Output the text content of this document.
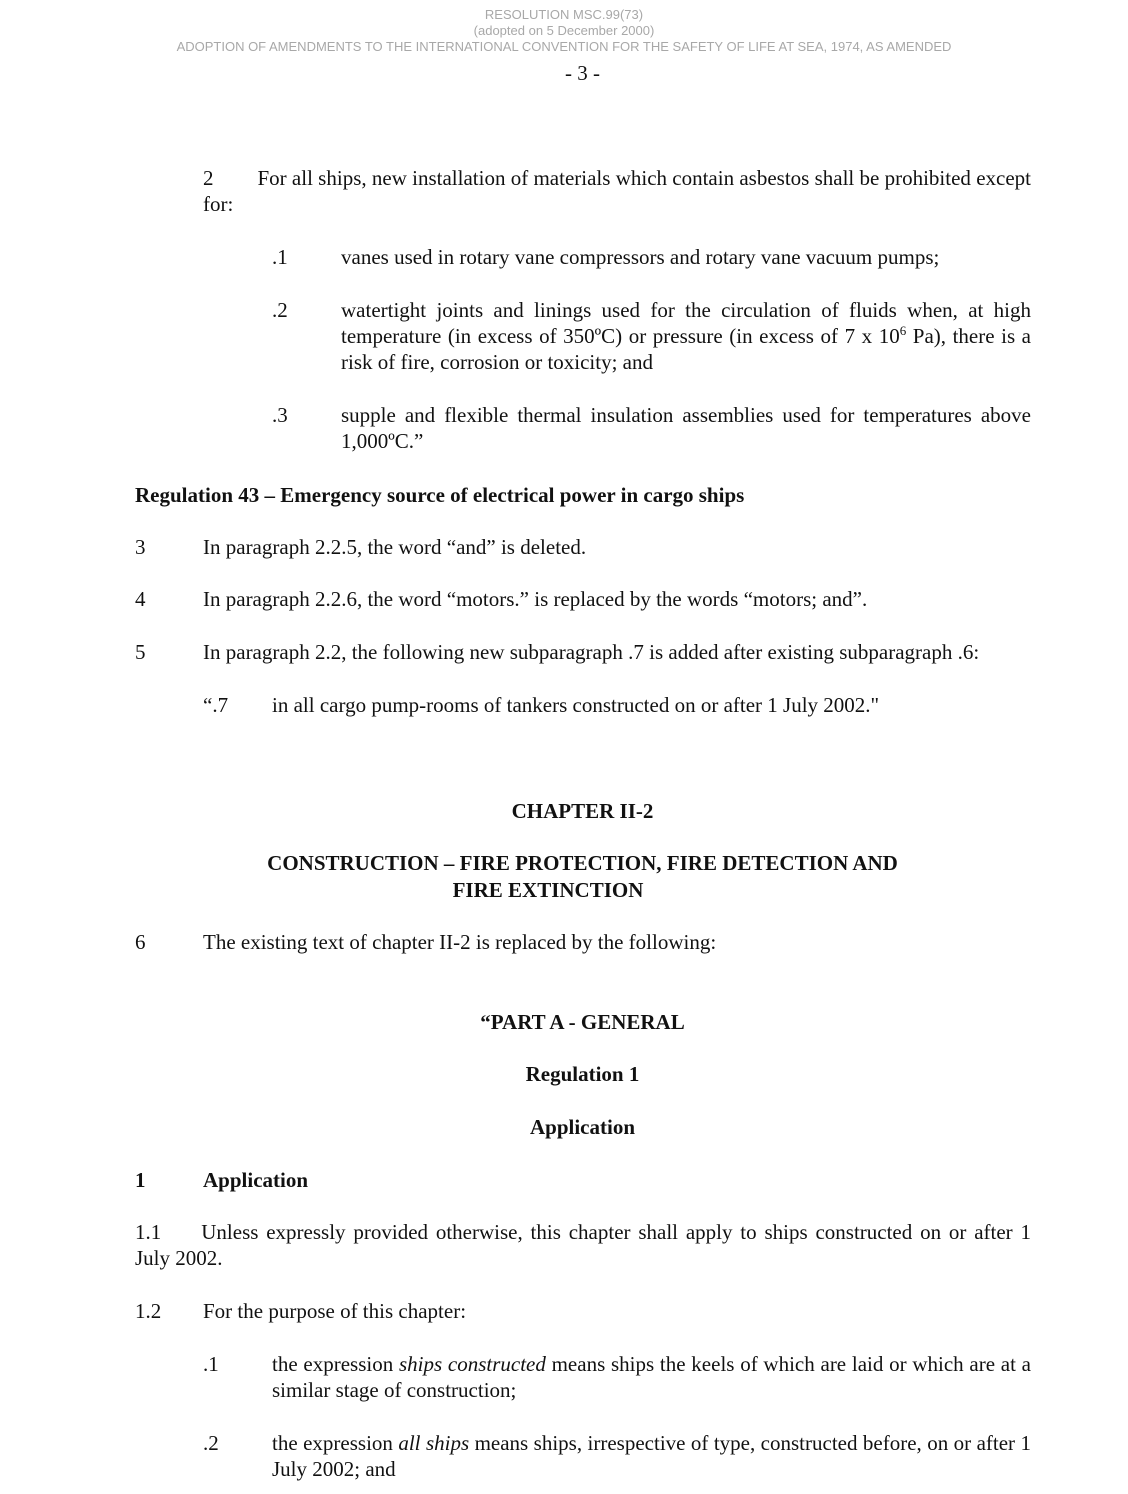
RESOLUTION MSC.99(73)
(adopted on 5 December 2000)
ADOPTION OF AMENDMENTS TO THE INTERNATIONAL CONVENTION FOR THE SAFETY OF LIFE AT SEA, 1974, AS AMENDED
- 3 -
2 For all ships, new installation of materials which contain asbestos shall be prohibited except for:
.1	vanes used in rotary vane compressors and rotary vane vacuum pumps;
.2	watertight joints and linings used for the circulation of fluids when, at high temperature (in excess of 350ºC) or pressure (in excess of 7 x $10^6$ Pa), there is a risk of fire, corrosion or toxicity; and
.3	supple and flexible thermal insulation assemblies used for temperatures above 1,000ºC.”
Regulation 43 – Emergency source of electrical power in cargo ships
3	In paragraph 2.2.5, the word “and” is deleted.
4	In paragraph 2.2.6, the word “motors.” is replaced by the words “motors; and”.
5	In paragraph 2.2, the following new subparagraph .7 is added after existing subparagraph .6:
“.7 in all cargo pump-rooms of tankers constructed on or after 1 July 2002."
CHAPTER II-2
CONSTRUCTION – FIRE PROTECTION, FIRE DETECTION AND
FIRE EXTINCTION
6	The existing text of chapter II-2 is replaced by the following:
“PART A - GENERAL
Regulation 1
Application
1	Application
1.1 Unless expressly provided otherwise, this chapter shall apply to ships constructed on or after 1 July 2002.
1.2 For the purpose of this chapter:
.1	the expression ships constructed means ships the keels of which are laid or which are at a similar stage of construction;
.2	the expression all ships means ships, irrespective of type, constructed before, on or after 1 July 2002; and
